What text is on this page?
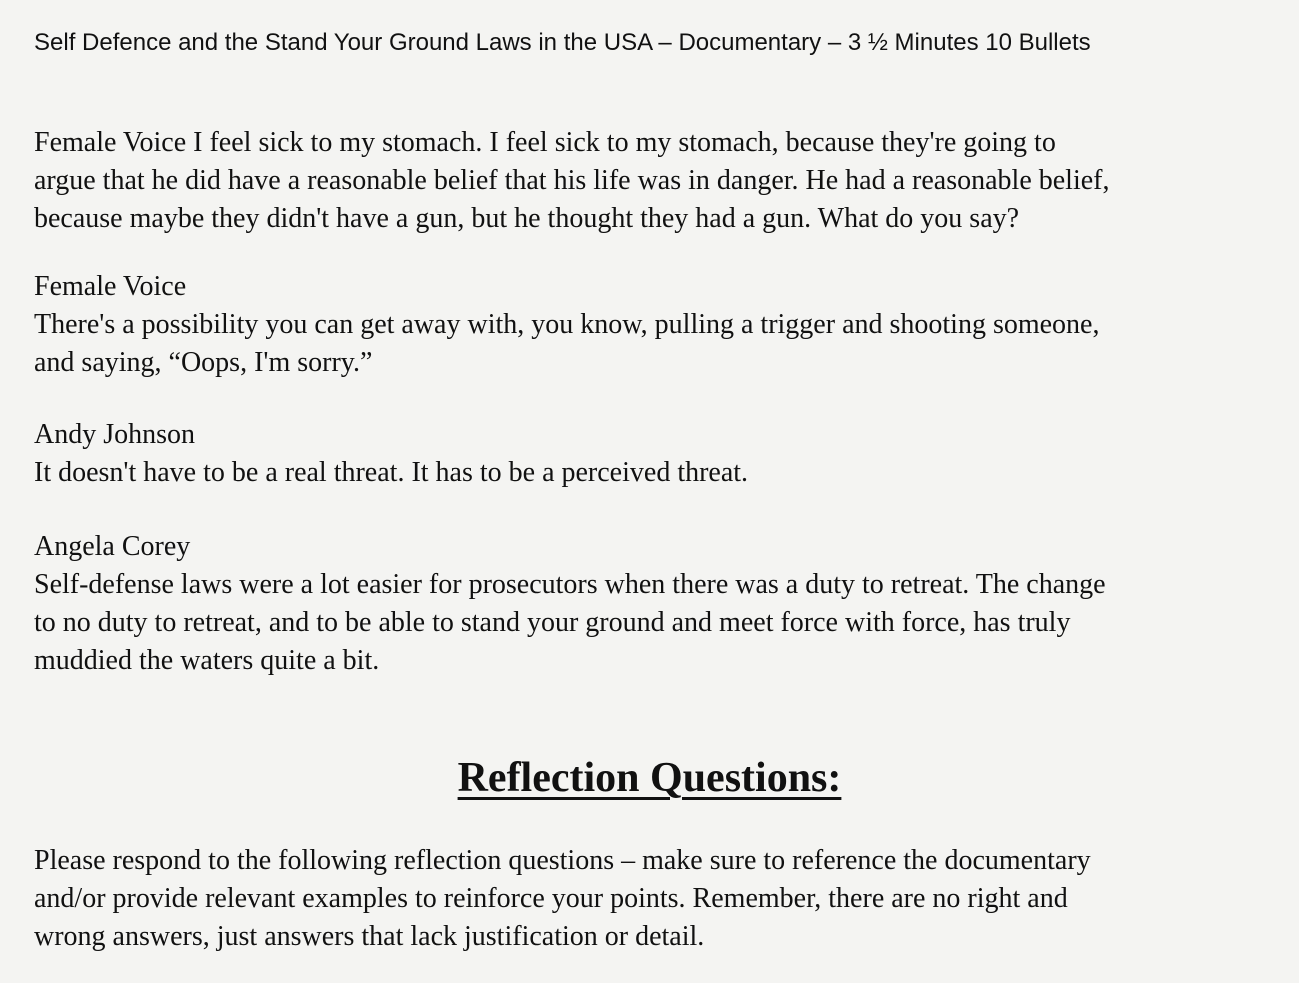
Self Defence and the Stand Your Ground Laws in the USA – Documentary – 3 ½ Minutes 10 Bullets
Female Voice I feel sick to my stomach. I feel sick to my stomach, because they're going to
argue that he did have a reasonable belief that his life was in danger. He had a reasonable belief,
because maybe they didn't have a gun, but he thought they had a gun. What do you say?
Female Voice
There's a possibility you can get away with, you know, pulling a trigger and shooting someone,
and saying, “Oops, I'm sorry.”
Andy Johnson
It doesn't have to be a real threat. It has to be a perceived threat.
Angela Corey
Self-defense laws were a lot easier for prosecutors when there was a duty to retreat. The change
to no duty to retreat, and to be able to stand your ground and meet force with force, has truly
muddied the waters quite a bit.
Reflection Questions:
Please respond to the following reflection questions – make sure to reference the documentary
and/or provide relevant examples to reinforce your points. Remember, there are no right and
wrong answers, just answers that lack justification or detail.
